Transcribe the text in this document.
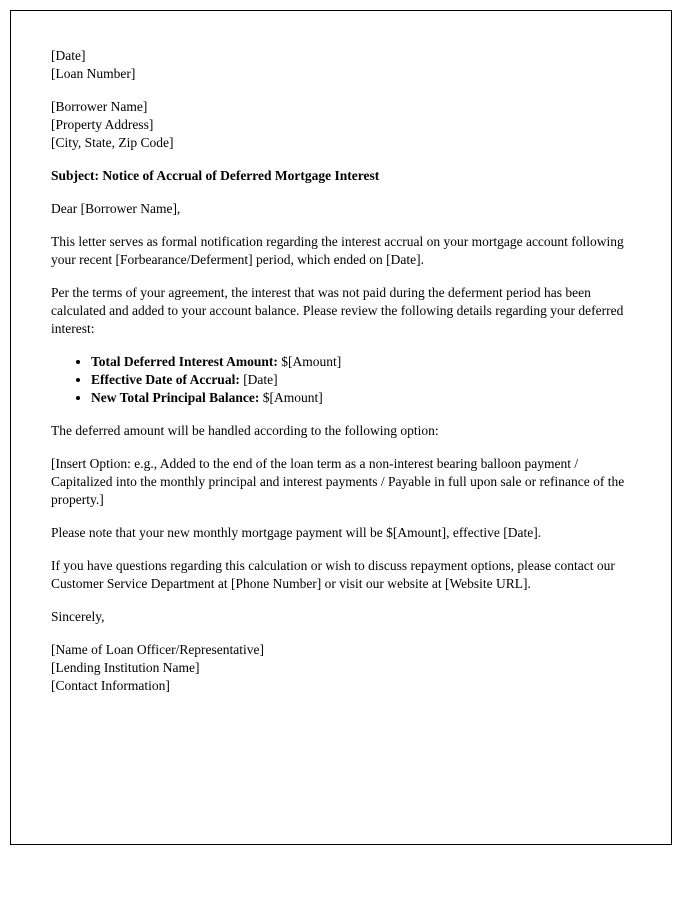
[Date]

[Loan Number]

[Borrower Name]

[Property Address]

[City, State, Zip Code]

Subject: Notice of Accrual of Deferred Mortgage Interest

Dear [Borrower Name],

This letter serves as formal notification regarding the interest accrual on your mortgage account following your recent [Forbearance/Deferment] period, which ended on [Date].

Per the terms of your agreement, the interest that was not paid during the deferment period has been calculated and added to your account balance. Please review the following details regarding your deferred interest:

• Total Deferred Interest Amount: $[Amount]
• Effective Date of Accrual: [Date]
• New Total Principal Balance: $[Amount]

The deferred amount will be handled according to the following option:

[Insert Option: e.g., Added to the end of the loan term as a non-interest bearing balloon payment / Capitalized into the monthly principal and interest payments / Payable in full upon sale or refinance of the property.]

Please note that your new monthly mortgage payment will be $[Amount], effective [Date].

If you have questions regarding this calculation or wish to discuss repayment options, please contact our Customer Service Department at [Phone Number] or visit our website at [Website URL].

Sincerely,

[Name of Loan Officer/Representative]

[Lending Institution Name]

[Contact Information]
